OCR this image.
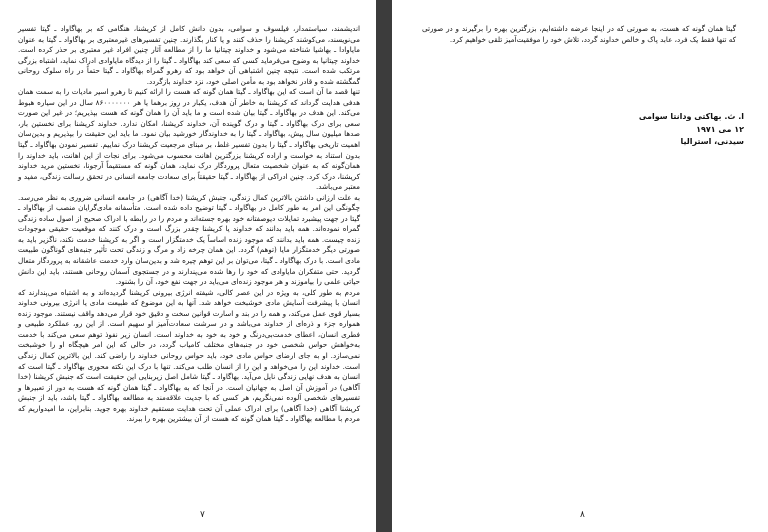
اندیشمند، سیاستمدار، فیلسوف و سوامی، بدون دانش کامل از کریشنا، هنگامی که بر بهاگاواد ـ گیتا تفسیر می‌نویسند، می‌کوشند کریشنا را حذف کنند و یا کنار بگذارند. چنین تفسیرهای غیرمعتبری بر بهاگاواد ـ گیتا به عنوان مایاوادا ـ بهاشیا شناخته می‌شود و خداوند چیتانیا ما را از مطالعه آثار چنین افراد غیر معتبری بر حذر کرده است. خداوند چیتانیا به وضوح می‌فرماید کسی که سعی کند بهاگاواد ـ گیتا را از دیدگاه مایاوادی ادراک نماید، اشتباه بزرگی مرتکب شده است. نتیجه چنین اشتباهی آن خواهد بود که رهرو گمراه بهاگاواد ـ گیتا حتماً در راه سلوک روحانی گمگشته شده و قادر نخواهد بود به مأمن اصلی خود، نزد خداوند بازگردد.

تنها قصد ما آن است که این بهاگاواد ـ گیتا همان گونه که هست را ارائه کنیم تا رهرو اسیر ماديات را به سمت همان هدفی هدایت گرداند که کریشنا به خاطر آن هدف، یکبار در روز برهما یا هر ۸۶۰۰۰۰۰۰۰ سال در این سیاره هبوط می‌کند. این هدف در بهاگاواد ـ گیتا بیان شده است و ما باید آن را همان گونه که هست بپذیریم؛ در غیر این صورت سعی برای درک بهاگاواد ـ گیتا و درک گوینده آن، خداوند کریشنا، امکان ندارد. خداوند کریشنا برای نخستین بار، صدها میلیون سال پیش، بهاگاواد ـ گیتا را به خداوندگار خورشید بیان نمود. ما باید این حقیقت را بپذیریم و بدین‌سان اهمیت تاریخی بهاگاواد ـ گیتا را بدون تفسیر غلط، بر مبنای مرجعیت کریشنا درک نماییم. تفسیر نمودن بهاگاواد ـ گیتا بدون استناد به خواست و اراده کریشنا بزرگترین اهانت محسوب می‌شود. برای نجات از این اهانت، باید خداوند را همان‌گونه که به عنوان شخصیت متعال پروردگار درک نماید، همان گونه که مستقیماً آرجونا، نخستین مرید خداوند کریشنا، درک کرد. چنین ادراکی از بهاگاواد ـ گیتا حقیقتاً برای سعادت جامعه انسانی در تحقق رسالت زندگی، مفید و معتبر می‌باشد.

به علت ارزانی داشتن بالاترین کمال زندگی، جنبش کریشنا (خدا آگاهی) در جامعه انسانی ضروری به نظر می‌رسد. چگونگی این امر به طور کامل در بهاگاواد ـ گیتا توضیح داده شده است. متأسفانه مادی‌گرایان منصب از بهاگاواد ـ گیتا در جهت پیشبرد تمایلات دیوصفتانه خود بهره جسته‌اند و مردم را در رابطه با ادراک صحیح از اصول ساده زندگی گمراه نموده‌اند. همه باید بدانند که خداوند یا کریشنا چقدر بزرگ است و درک کنند که موقعیت حقیقی موجودات زنده چیست. همه باید بدانند که موجود زنده اساساً یک خدمتگزار است و اگر به کریشنا خدمت نکند، ناگزیر باید به صورتی دیگر خدمتگزار مایا (توهم) گردد. این همان چرخه زاد و مرگ و زندگی تحت تأثیر جنبه‌های گوناگون طبیعت مادی است. با درک بهاگاواد ـ گیتا، می‌توان بر این توهم چیره شد و بدین‌سان وارد خدمت عاشقانه به پروردگار متعال گردید. حتی متفکران مایاوادی که خود را رها شده می‌پندارند و در جستجوی آسمان روحانی هستند، باید این دانش حیاتی علمی را بیاموزند و هر موجود زنده‌ای می‌باید در جهت نفع خود، آن را بشنود.

مردم به طور کلی، به ویژه در این عصر کالی، شیفته انرژی بیرونی کریشنا گردیده‌اند و به اشتباه می‌پندارند که انسان با پیشرفت آسایش مادی خوشبخت خواهد شد. آنها به این موضوع که طبیعت مادی یا انرژی بیرونی خداوند بسیار قوی عمل می‌کند، و همه را در بند و اسارت قوانین سخت و دقیق خود قرار می‌دهد واقف نیستند. موجود زنده همواره جزء و ذره‌ای از خداوند می‌باشد و در سرشت سعادت‌آمیز او سهیم است. از این رو، عملکرد طبیعی و فطری انسان، اعطای خدمت‌بی‌درنگ و خود به خود به خداوند است. انسان زیر نفوذ توهم سعی می‌کند با خدمت به‌خواهش حواس شخصی خود در جنبه‌های مختلف کامیاب گردد، در حالی که این امر هیچگاه او را خوشبخت نمی‌سازد. او به جای ارضای حواس مادی خود، باید حواس روحانی خداوند را راضی کند. این بالاترین کمال زندگی است. خداوند این را می‌خواهد و این را از انسان طلب می‌کند. تنها با درک این نکته محوری بهاگاواد ـ گیتا است که انسان به هدف نهایی زندگی نایل می‌آید. بهاگاواد ـ گیتا شامل اصل زیربنایی این حقیقت است که جنبش کریشنا (خدا آگاهی) در آموزش آن اصل به جهانیان است. در آنجا که به بهاگاواد ـ گیتا همان گونه که هست به دور از تعبیرها و تفسیرهای شخصی آلوده نمی‌نگریم، هر کسی که با جدیت علاقه‌مند به مطالعه بهاگاواد ـ گیتا باشد، باید از جنبش کریشنا آگاهی (خدا آگاهی) برای ادراک عملی آن تحت هدایت مستقیم خداوند بهره جوید. بنابراین، ما امیدواریم که مردم با مطالعه بهاگاواد ـ گیتا همان گونه که هست از آن بیشترین بهره را ببرند.

گیتا همان گونه که هست، به صورتی که در اینجا عرضه داشته‌ایم، بزرگترین بهره را برگیرند و در صورتی که تنها فقط یک فرد، عابد پاک و خالص خداوند گردد، تلاش خود را موفقیت‌آمیز تلقی خواهیم کرد.

ا. ث. بهاکتی ودانتا سوامی
۱۲ می ۱۹۷۱
سیدنی، استرالیا
۷	۸
